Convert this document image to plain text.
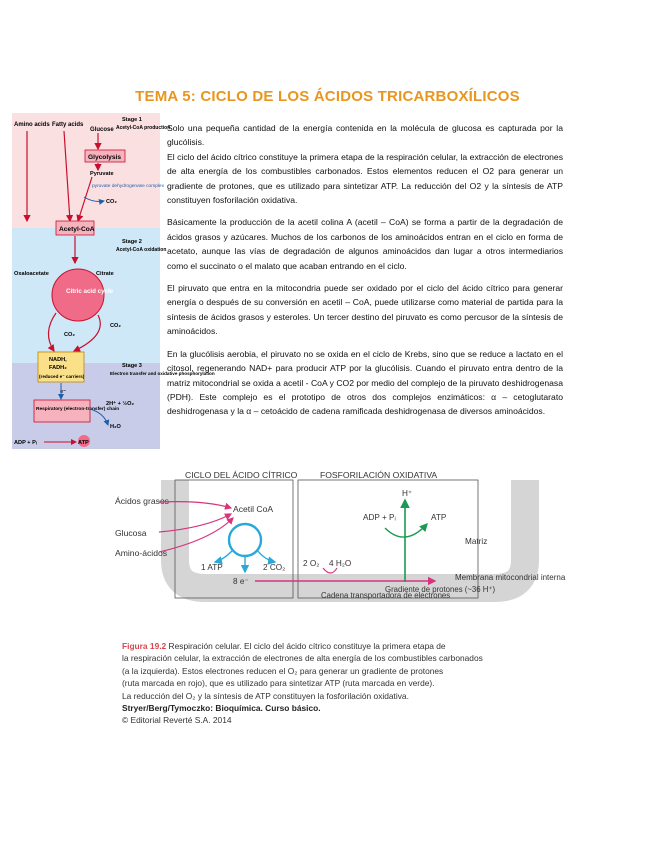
TEMA 5: CICLO DE LOS ÁCIDOS TRICARBOXÍLICOS
Amino acids Fatty acids
Glucose
Stage 1
Acetyl-CoA production
Glycolysis
Pyruvate
pyruvate dehydrogenase complex
CO₂
Acetyl-CoA
Stage 2
Acetyl-CoA oxidation
Oxaloacetate	Citrate
Citric acid cycle
CO₂
CO₂
NADH,
FADH₂
(reduced e⁻ carriers)
Stage 3
Electron transfer and oxidative phosphorylation
e⁻
Respiratory (electron-transfer) chain
2H⁺ + ½O₂
H₂O
ADP + Pᵢ	ATP

Solo una pequeña cantidad de la energía contenida en la molécula de glucosa es capturada por la glucólisis.

El ciclo del ácido cítrico constituye la primera etapa de la respiración celular, la extracción de electrones de alta energía de los combustibles carbonados. Estos elementos reducen el O2 para generar un gradiente de protones, que es utilizado para sintetizar ATP. La reducción del O2 y la síntesis de ATP constituyen fosforilación oxidativa.

Básicamente la producción de la acetil colina A (acetil – CoA) se forma a partir de la degradación de ácidos grasos y azúcares. Muchos de los carbonos de los aminoácidos entran en el ciclo en forma de acetato, aunque las vías de degradación de algunos aminoácidos dan lugar a otros intermediarios como el succinato o el malato que acaban entrando en el ciclo.

El piruvato que entra en la mitocondria puede ser oxidado por el ciclo del ácido cítrico para generar energía o después de su conversión en acetil – CoA, puede utilizarse como material de partida para la síntesis de ácidos grasos y esteroles. Un tercer destino del piruvato es como percusor de la síntesis de aminoácidos.

En la glucólisis aerobia, el piruvato no se oxida en el ciclo de Krebs, sino que se reduce a lactato en el citosol, regenerando NAD+ para producir ATP por la glucólisis. Cuando el piruvato entra dentro de la matriz mitocondrial se oxida a acetil - CoA y CO2 por medio del complejo de la piruvato deshidrogenasa (PDH). Este complejo es el prototipo de otros dos complejos enzimáticos: α – cetoglutarato deshidrogenasa y la α – cetoácido de cadena ramificada deshidrogenasa de diversos aminoácidos.

CICLO DEL ÁCIDO CÍTRICO	FOSFORILACIÓN OXIDATIVA
Ácidos grasos
Glucosa
Amino-ácidos
Acetil CoA
1 ATP	2 CO₂
8 e⁻
2 O₂ 4 H₂O
Cadena transportadora de electrones
Gradiente de protones (~36 H⁺)
H⁺
ADP + Pᵢ	ATP
Matriz
Membrana mitocondrial interna
Figura 19.2 Respiración celular. El ciclo del ácido cítrico constituye la primera etapa de
la respiración celular, la extracción de electrones de alta energía de los combustibles carbonados
(a la izquierda). Estos electrones reducen el O₂ para generar un gradiente de protones
(ruta marcada en rojo), que es utilizado para sintetizar ATP (ruta marcada en verde).
La reducción del O₂ y la síntesis de ATP constituyen la fosforilación oxidativa.
Stryer/Berg/Tymoczko: Bioquímica. Curso básico.
© Editorial Reverté S.A. 2014
